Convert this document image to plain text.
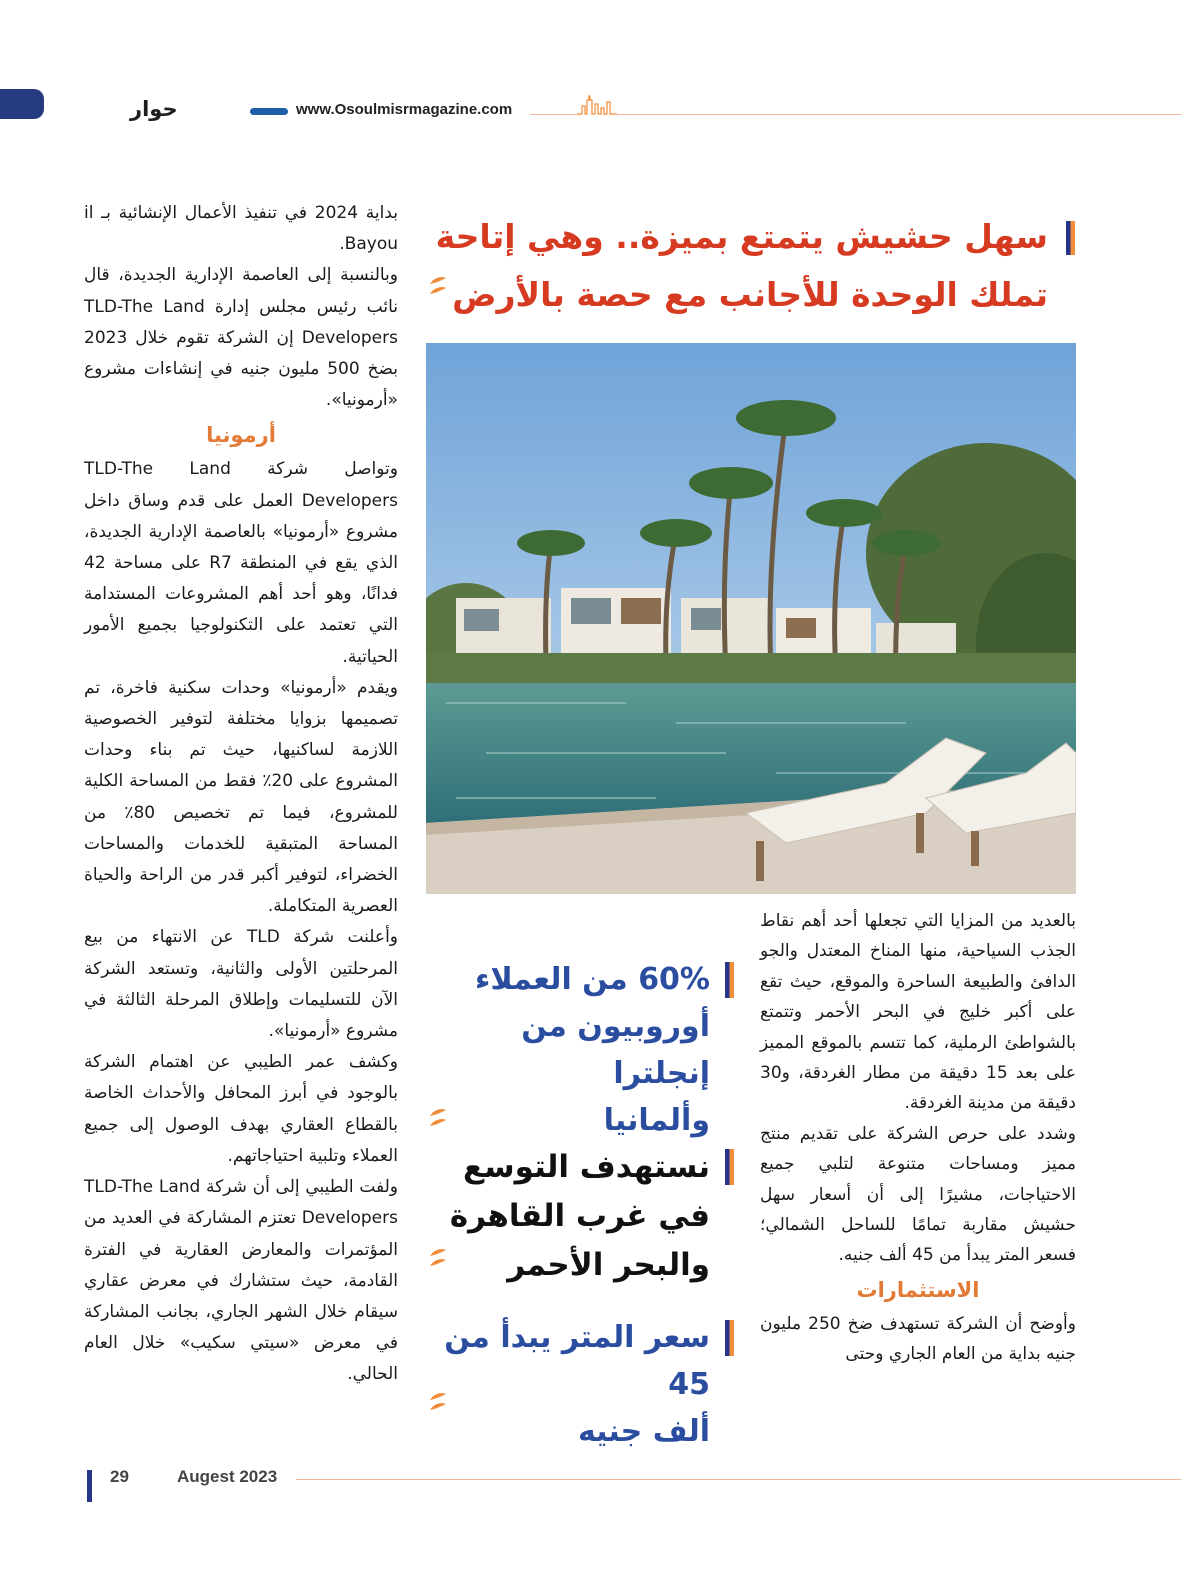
حوار	www.Osoulmisrmagazine.com
سهل حشيش يتمتع بميزة.. وهي إتاحة
تملك الوحدة للأجانب مع حصة بالأرض

بداية 2024 في تنفيذ الأعمال الإنشائية بـ il Bayou.

وبالنسبة إلى العاصمة الإدارية الجديدة، قال نائب رئيس مجلس إدارة TLD-The Land Developers إن الشركة تقوم خلال 2023 بضخ 500 مليون جنيه في إنشاءات مشروع «أرمونيا».

أرمونيا

وتواصل شركة TLD-The Land Developers العمل على قدم وساق داخل مشروع «أرمونيا» بالعاصمة الإدارية الجديدة، الذي يقع في المنطقة R7 على مساحة 42 فدانًا، وهو أحد أهم المشروعات المستدامة التي تعتمد على التكنولوجيا بجميع الأمور الحياتية.

ويقدم «أرمونيا» وحدات سكنية فاخرة، تم تصميمها بزوايا مختلفة لتوفير الخصوصية اللازمة لساكنيها، حيث تم بناء وحدات المشروع على 20٪ فقط من المساحة الكلية للمشروع، فيما تم تخصيص 80٪ من المساحة المتبقية للخدمات والمساحات الخضراء، لتوفير أكبر قدر من الراحة والحياة العصرية المتكاملة.

وأعلنت شركة TLD عن الانتهاء من بيع المرحلتين الأولى والثانية، وتستعد الشركة الآن للتسليمات وإطلاق المرحلة الثالثة في مشروع «أرمونيا».

وكشف عمر الطيبي عن اهتمام الشركة بالوجود في أبرز المحافل والأحداث الخاصة بالقطاع العقاري بهدف الوصول إلى جميع العملاء وتلبية احتياجاتهم.

ولفت الطيبي إلى أن شركة TLD-The Land Developers تعتزم المشاركة في العديد من المؤتمرات والمعارض العقارية في الفترة القادمة، حيث ستشارك في معرض عقاري سيقام خلال الشهر الجاري، بجانب المشاركة في معرض «سيتي سكيب» خلال العام الحالي.

بالعديد من المزايا التي تجعلها أحد أهم نقاط الجذب السياحية، منها المناخ المعتدل والجو الدافئ والطبيعة الساحرة والموقع، حيث تقع على أكبر خليج في البحر الأحمر وتتمتع بالشواطئ الرملية، كما تتسم بالموقع المميز على بعد 15 دقيقة من مطار الغردقة، و30 دقيقة من مدينة الغردقة.

وشدد على حرص الشركة على تقديم منتج مميز ومساحات متنوعة لتلبي جميع الاحتياجات، مشيرًا إلى أن أسعار سهل حشيش مقاربة تمامًا للساحل الشمالي؛ فسعر المتر يبدأ من 45 ألف جنيه.

الاستثمارات

وأوضح أن الشركة تستهدف ضخ 250 مليون جنيه بداية من العام الجاري وحتى

60% من العملاء
أوروبيون من إنجلترا
وألمانيا
نستهدف التوسع
في غرب القاهرة
والبحر الأحمر
سعر المتر يبدأ من 45
ألف جنيه
29	Augest 2023
